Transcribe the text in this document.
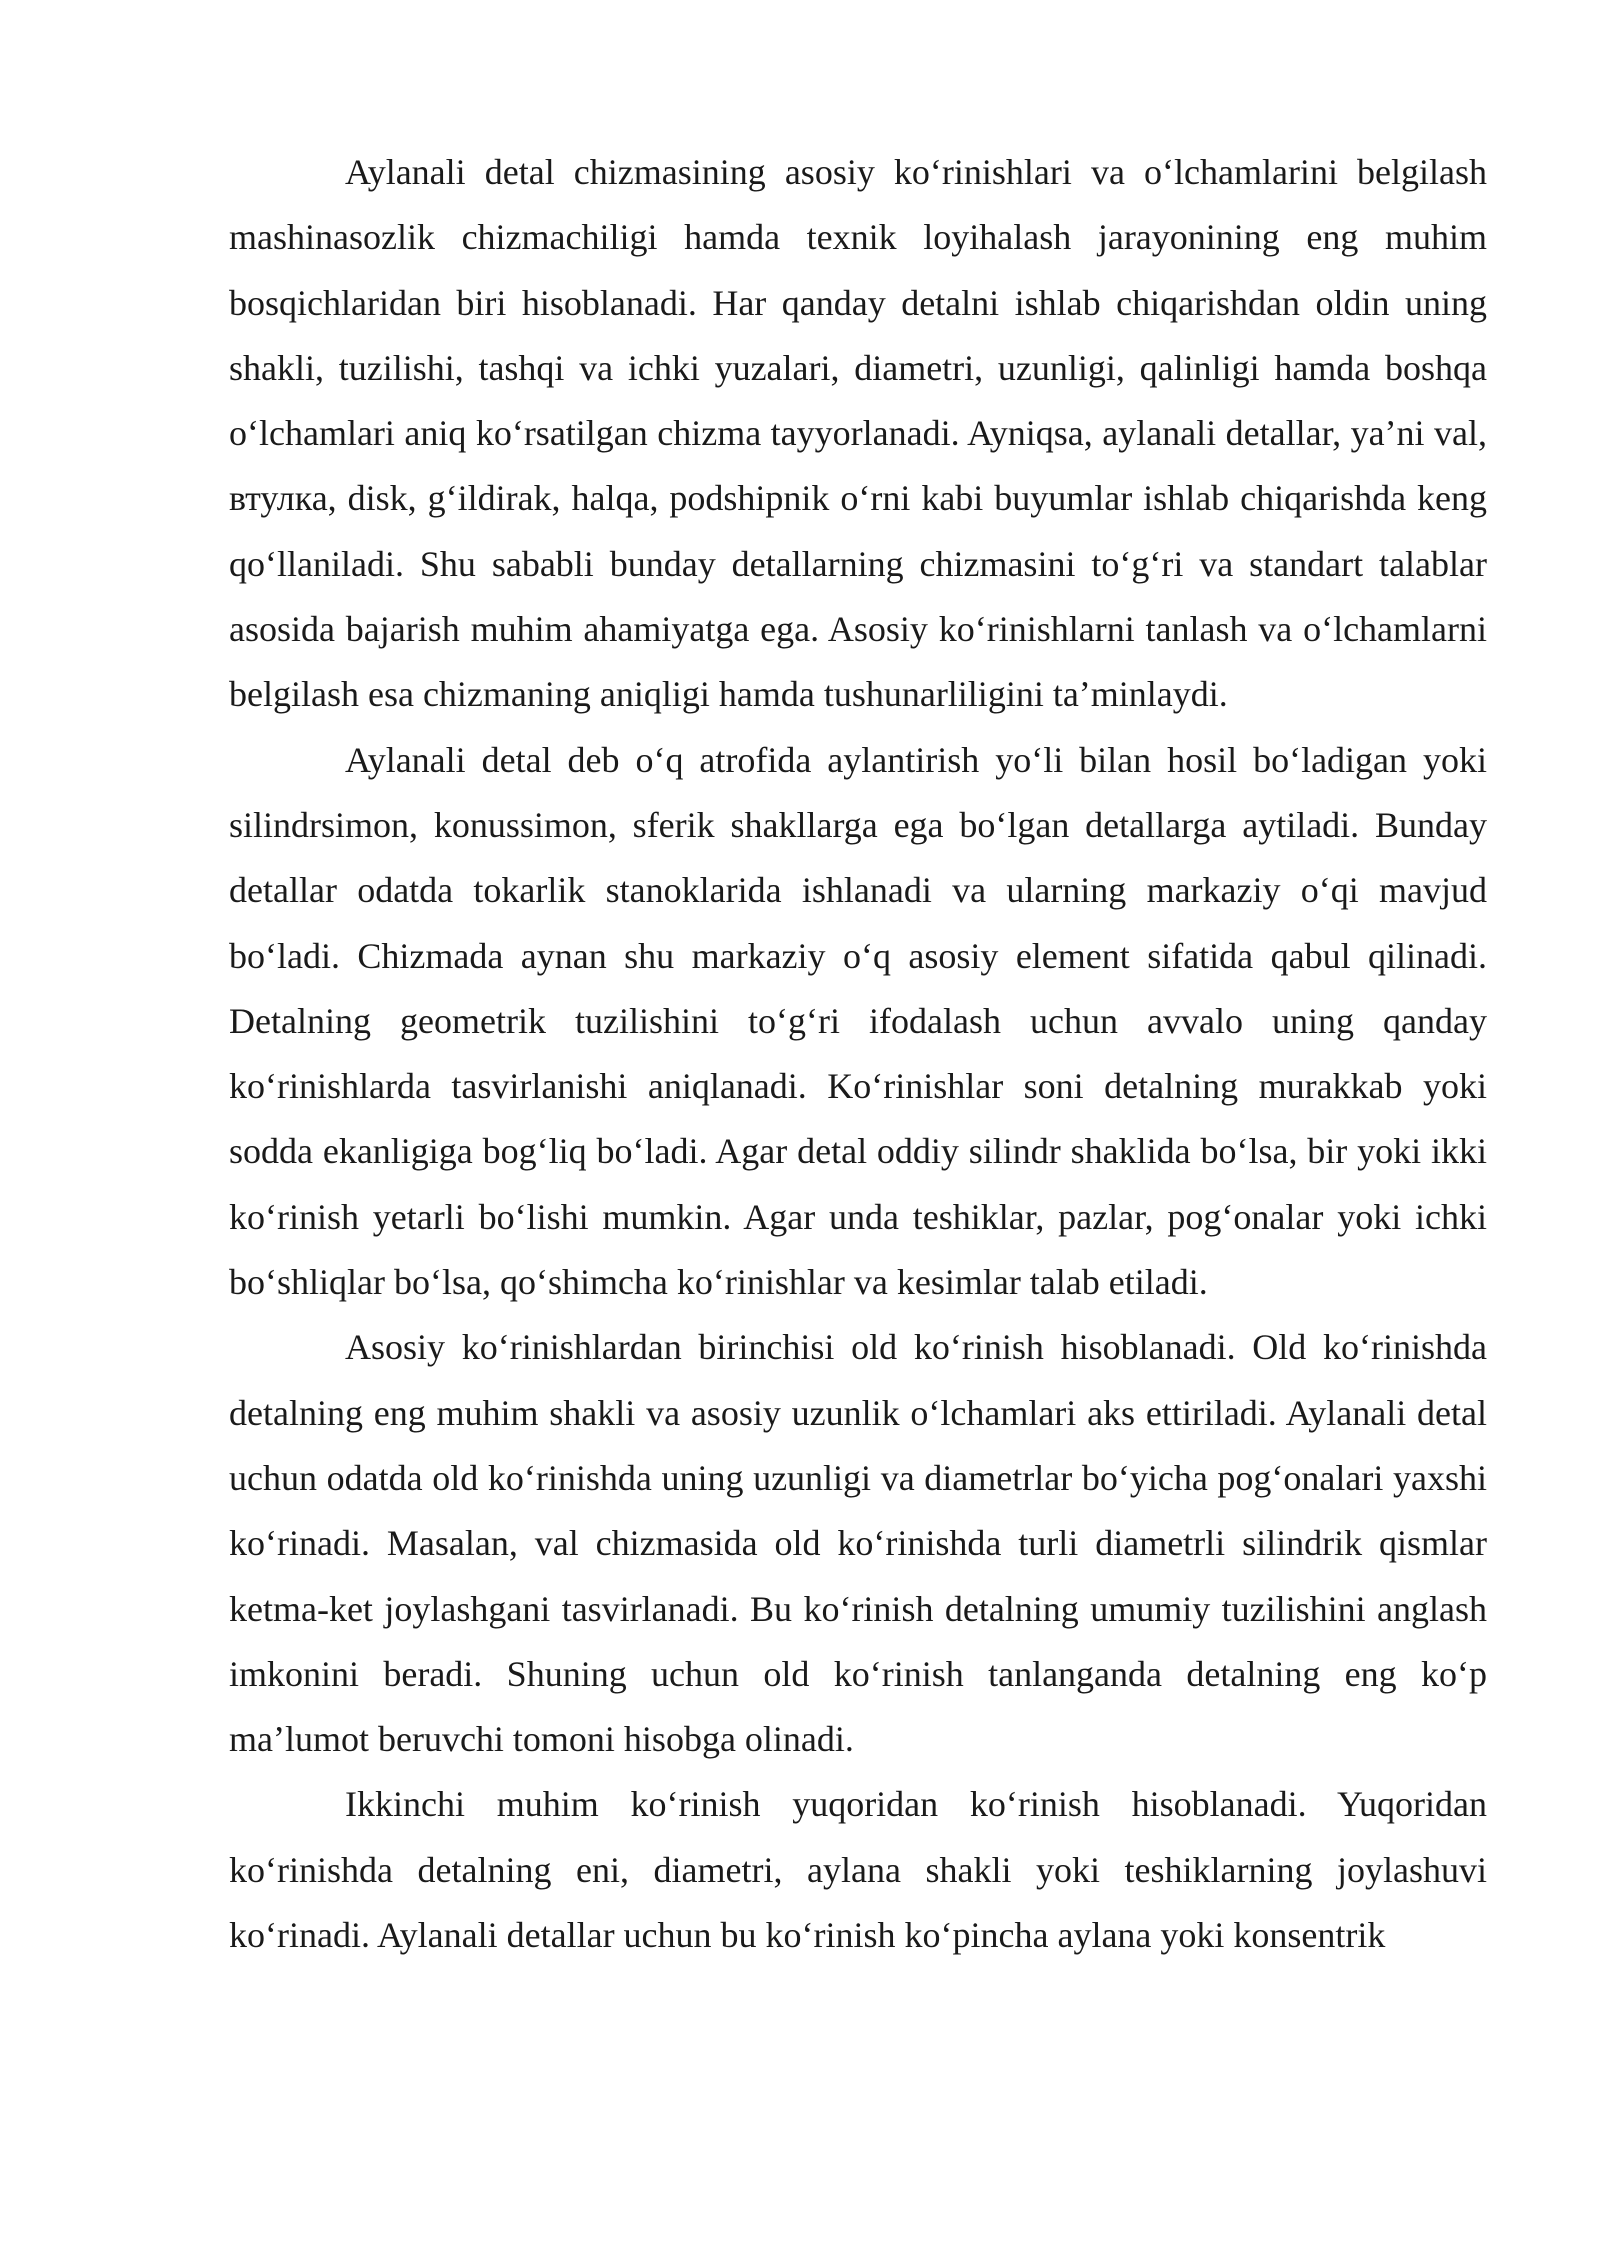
Aylanali detal chizmasining asosiy koʻrinishlari va oʻlchamlarini belgilash mashinasozlik chizmachiligi hamda texnik loyihalash jarayonining eng muhim bosqichlaridan biri hisoblanadi. Har qanday detalni ishlab chiqarishdan oldin uning shakli, tuzilishi, tashqi va ichki yuzalari, diametri, uzunligi, qalinligi hamda boshqa oʻlchamlari aniq koʻrsatilgan chizma tayyorlanadi. Ayniqsa, aylanali detallar, yaʼni val, втулка, disk, gʻildirak, halqa, podshipnik oʻrni kabi buyumlar ishlab chiqarishda keng qoʻllaniladi. Shu sababli bunday detallarning chizmasini toʻgʻri va standart talablar asosida bajarish muhim ahamiyatga ega. Asosiy koʻrinishlarni tanlash va oʻlchamlarni belgilash esa chizmaning aniqligi hamda tushunarliligini taʼminlaydi.

Aylanali detal deb oʻq atrofida aylantirish yoʻli bilan hosil boʻladigan yoki silindrsimon, konussimon, sferik shakllarga ega boʻlgan detallarga aytiladi. Bunday detallar odatda tokarlik stanoklarida ishlanadi va ularning markaziy oʻqi mavjud boʻladi. Chizmada aynan shu markaziy oʻq asosiy element sifatida qabul qilinadi. Detalning geometrik tuzilishini toʻgʻri ifodalash uchun avvalo uning qanday koʻrinishlarda tasvirlanishi aniqlanadi. Koʻrinishlar soni detalning murakkab yoki sodda ekanligiga bogʻliq boʻladi. Agar detal oddiy silindr shaklida boʻlsa, bir yoki ikki koʻrinish yetarli boʻlishi mumkin. Agar unda teshiklar, pazlar, pogʻonalar yoki ichki boʻshliqlar boʻlsa, qoʻshimcha koʻrinishlar va kesimlar talab etiladi.

Asosiy koʻrinishlardan birinchisi old koʻrinish hisoblanadi. Old koʻrinishda detalning eng muhim shakli va asosiy uzunlik oʻlchamlari aks ettiriladi. Aylanali detal uchun odatda old koʻrinishda uning uzunligi va diametrlar boʻyicha pogʻonalari yaxshi koʻrinadi. Masalan, val chizmasida old koʻrinishda turli diametrli silindrik qismlar ketma-ket joylashgani tasvirlanadi. Bu koʻrinish detalning umumiy tuzilishini anglash imkonini beradi. Shuning uchun old koʻrinish tanlanganda detalning eng koʻp maʼlumot beruvchi tomoni hisobga olinadi.

Ikkinchi muhim koʻrinish yuqoridan koʻrinish hisoblanadi. Yuqoridan koʻrinishda detalning eni, diametri, aylana shakli yoki teshiklarning joylashuvi koʻrinadi. Aylanali detallar uchun bu koʻrinish koʻpincha aylana yoki konsentrik
